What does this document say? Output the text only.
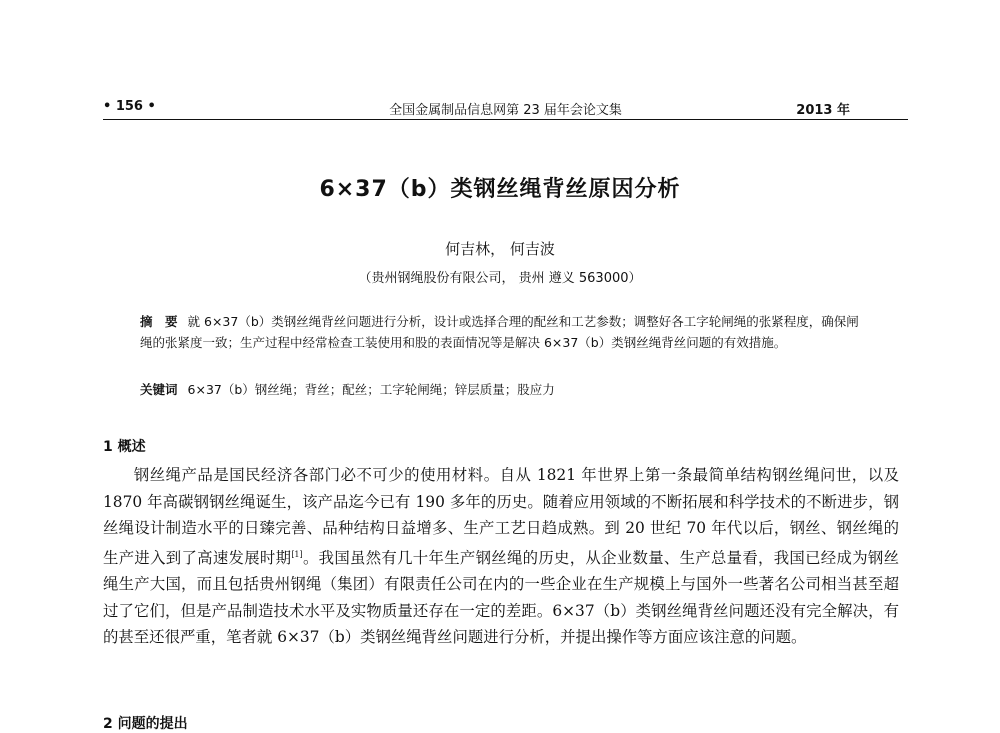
• 156 •	全国金属制品信息网第 23 届年会论文集	2013 年
6×37（b）类钢丝绳背丝原因分析
何吉林， 何吉波
（贵州钢绳股份有限公司， 贵州 遵义 563000）

摘　要 就 6×37（b）类钢丝绳背丝问题进行分析，设计或选择合理的配丝和工艺参数；调整好各工字轮闸绳的张紧程度，确保闸绳的张紧度一致；生产过程中经常检查工装使用和股的表面情况等是解决 6×37（b）类钢丝绳背丝问题的有效措施。

关键词 6×37（b）钢丝绳；背丝；配丝；工字轮闸绳；锌层质量；股应力

1 概述

钢丝绳产品是国民经济各部门必不可少的使用材料。自从 1821 年世界上第一条最简单结构钢丝绳问世，以及 1870 年高碳钢钢丝绳诞生，该产品迄今已有 190 多年的历史。随着应用领域的不断拓展和科学技术的不断进步，钢丝绳设计制造水平的日臻完善、品种结构日益增多、生产工艺日趋成熟。到 20 世纪 70 年代以后，钢丝、钢丝绳的生产进入到了高速发展时期[1]。我国虽然有几十年生产钢丝绳的历史，从企业数量、生产总量看，我国已经成为钢丝绳生产大国，而且包括贵州钢绳（集团）有限责任公司在内的一些企业在生产规模上与国外一些著名公司相当甚至超过了它们，但是产品制造技术水平及实物质量还存在一定的差距。6×37（b）类钢丝绳背丝问题还没有完全解决，有的甚至还很严重，笔者就 6×37（b）类钢丝绳背丝问题进行分析，并提出操作等方面应该注意的问题。

2 问题的提出
